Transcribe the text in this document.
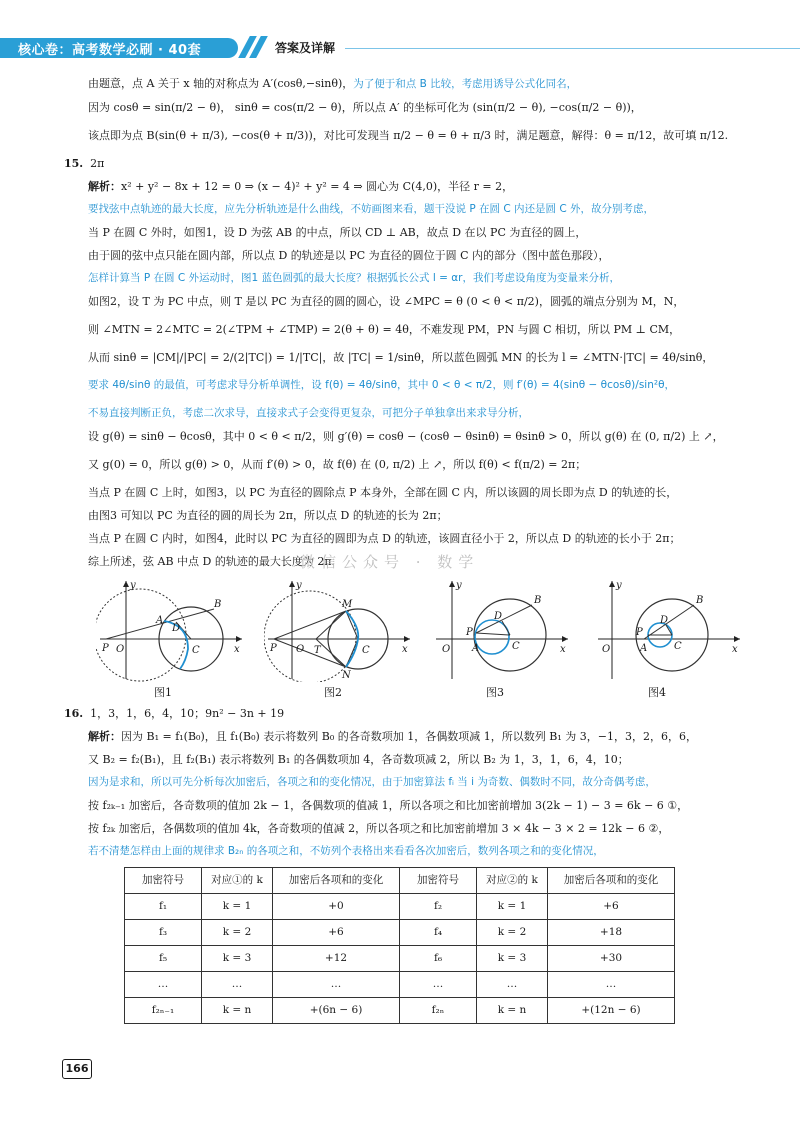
核心卷：高考数学必刷 · 40套	答案及详解
由题意，点 A 关于 x 轴的对称点为 A′(cosθ,−sinθ)，为了便于和点 B 比较，考虑用诱导公式化同名，
因为 cosθ = sin(π/2 − θ)， sinθ = cos(π/2 − θ)，所以点 A′ 的坐标可化为 (sin(π/2 − θ), −cos(π/2 − θ))，
该点即为点 B(sin(θ + π/3), −cos(θ + π/3))，对比可发现当 π/2 − θ = θ + π/3 时，满足题意，解得：θ = π/12，故可填 π/12.
15. 2π
解析：x² + y² − 8x + 12 = 0 ⇒ (x − 4)² + y² = 4 ⇒ 圆心为 C(4,0)，半径 r = 2，
要找弦中点轨迹的最大长度，应先分析轨迹是什么曲线，不妨画图来看，题干没说 P 在圆 C 内还是圆 C 外，故分别考虑，
当 P 在圆 C 外时，如图1，设 D 为弦 AB 的中点，所以 CD ⊥ AB，故点 D 在以 PC 为直径的圆上，
由于圆的弦中点只能在圆内部，所以点 D 的轨迹是以 PC 为直径的圆位于圆 C 内的部分（图中蓝色那段），
怎样计算当 P 在圆 C 外运动时，图1 蓝色圆弧的最大长度？根据弧长公式 l = αr，我们考虑设角度为变量来分析，
如图2，设 T 为 PC 中点，则 T 是以 PC 为直径的圆的圆心，设 ∠MPC = θ (0 < θ < π/2)，圆弧的端点分别为 M，N，
则 ∠MTN = 2∠MTC = 2(∠TPM + ∠TMP) = 2(θ + θ) = 4θ，不难发现 PM，PN 与圆 C 相切，所以 PM ⊥ CM，
从而 sinθ = |CM|/|PC| = 2/(2|TC|) = 1/|TC|，故 |TC| = 1/sinθ，所以蓝色圆弧 MN 的长为 l = ∠MTN·|TC| = 4θ/sinθ，
要求 4θ/sinθ 的最值，可考虑求导分析单调性，设 f(θ) = 4θ/sinθ，其中 0 < θ < π/2，则 f′(θ) = 4(sinθ − θcosθ)/sin²θ，
不易直接判断正负，考虑二次求导，直接求式子会变得更复杂，可把分子单独拿出来求导分析，
设 g(θ) = sinθ − θcosθ，其中 0 < θ < π/2，则 g′(θ) = cosθ − (cosθ − θsinθ) = θsinθ > 0，所以 g(θ) 在 (0, π/2) 上 ↗，
又 g(0) = 0，所以 g(θ) > 0，从而 f′(θ) > 0，故 f(θ) 在 (0, π/2) 上 ↗，所以 f(θ) < f(π/2) = 2π；
当点 P 在圆 C 上时，如图3，以 PC 为直径的圆除点 P 本身外，全部在圆 C 内，所以该圆的周长即为点 D 的轨迹的长，
由图3 可知以 PC 为直径的圆的周长为 2π，所以点 D 的轨迹的长为 2π；
当点 P 在圆 C 内时，如图4，此时以 PC 为直径的圆即为点 D 的轨迹，该圆直径小于 2，所以点 D 的轨迹的长小于 2π；
综上所述，弦 AB 中点 D 的轨迹的最大长度为 2π.
P
y
x
O
A
D
B
C	P
y
x
O T
M
N
C	O
y
x
P
A
D
B
C	O
y
x
P
A
D
B
C
图1	图2	图3	图4
16. 1，3，1，6，4，10；9n² − 3n + 19
解析：因为 B₁ = f₁(B₀)，且 f₁(B₀) 表示将数列 B₀ 的各奇数项加 1，各偶数项减 1，所以数列 B₁ 为 3，−1，3，2，6，6，
又 B₂ = f₂(B₁)，且 f₂(B₁) 表示将数列 B₁ 的各偶数项加 4，各奇数项减 2，所以 B₂ 为 1，3，1，6，4，10；
因为是求和，所以可先分析每次加密后，各项之和的变化情况，由于加密算法 fᵢ 当 i 为奇数、偶数时不同，故分奇偶考虑，
按 f₂ₖ₋₁ 加密后，各奇数项的值加 2k − 1，各偶数项的值减 1，所以各项之和比加密前增加 3(2k − 1) − 3 = 6k − 6 ①，
按 f₂ₖ 加密后，各偶数项的值加 4k，各奇数项的值减 2，所以各项之和比加密前增加 3 × 4k − 3 × 2 = 12k − 6 ②，
若不清楚怎样由上面的规律求 B₂ₙ 的各项之和，不妨列个表格出来看看各次加密后，数列各项之和的变化情况，
加密符号	对应①的 k	加密后各项和的变化	加密符号	对应②的 k	加密后各项和的变化
f₁	k = 1	+0	f₂	k = 1	+6
f₃	k = 2	+6	f₄	k = 2	+18
f₅	k = 3	+12	f₆	k = 3	+30
…	…	…	…	…	…
f₂ₙ₋₁	k = n	+(6n − 6)	f₂ₙ	k = n	+(12n − 6)
微信公众号 · 数学
166
